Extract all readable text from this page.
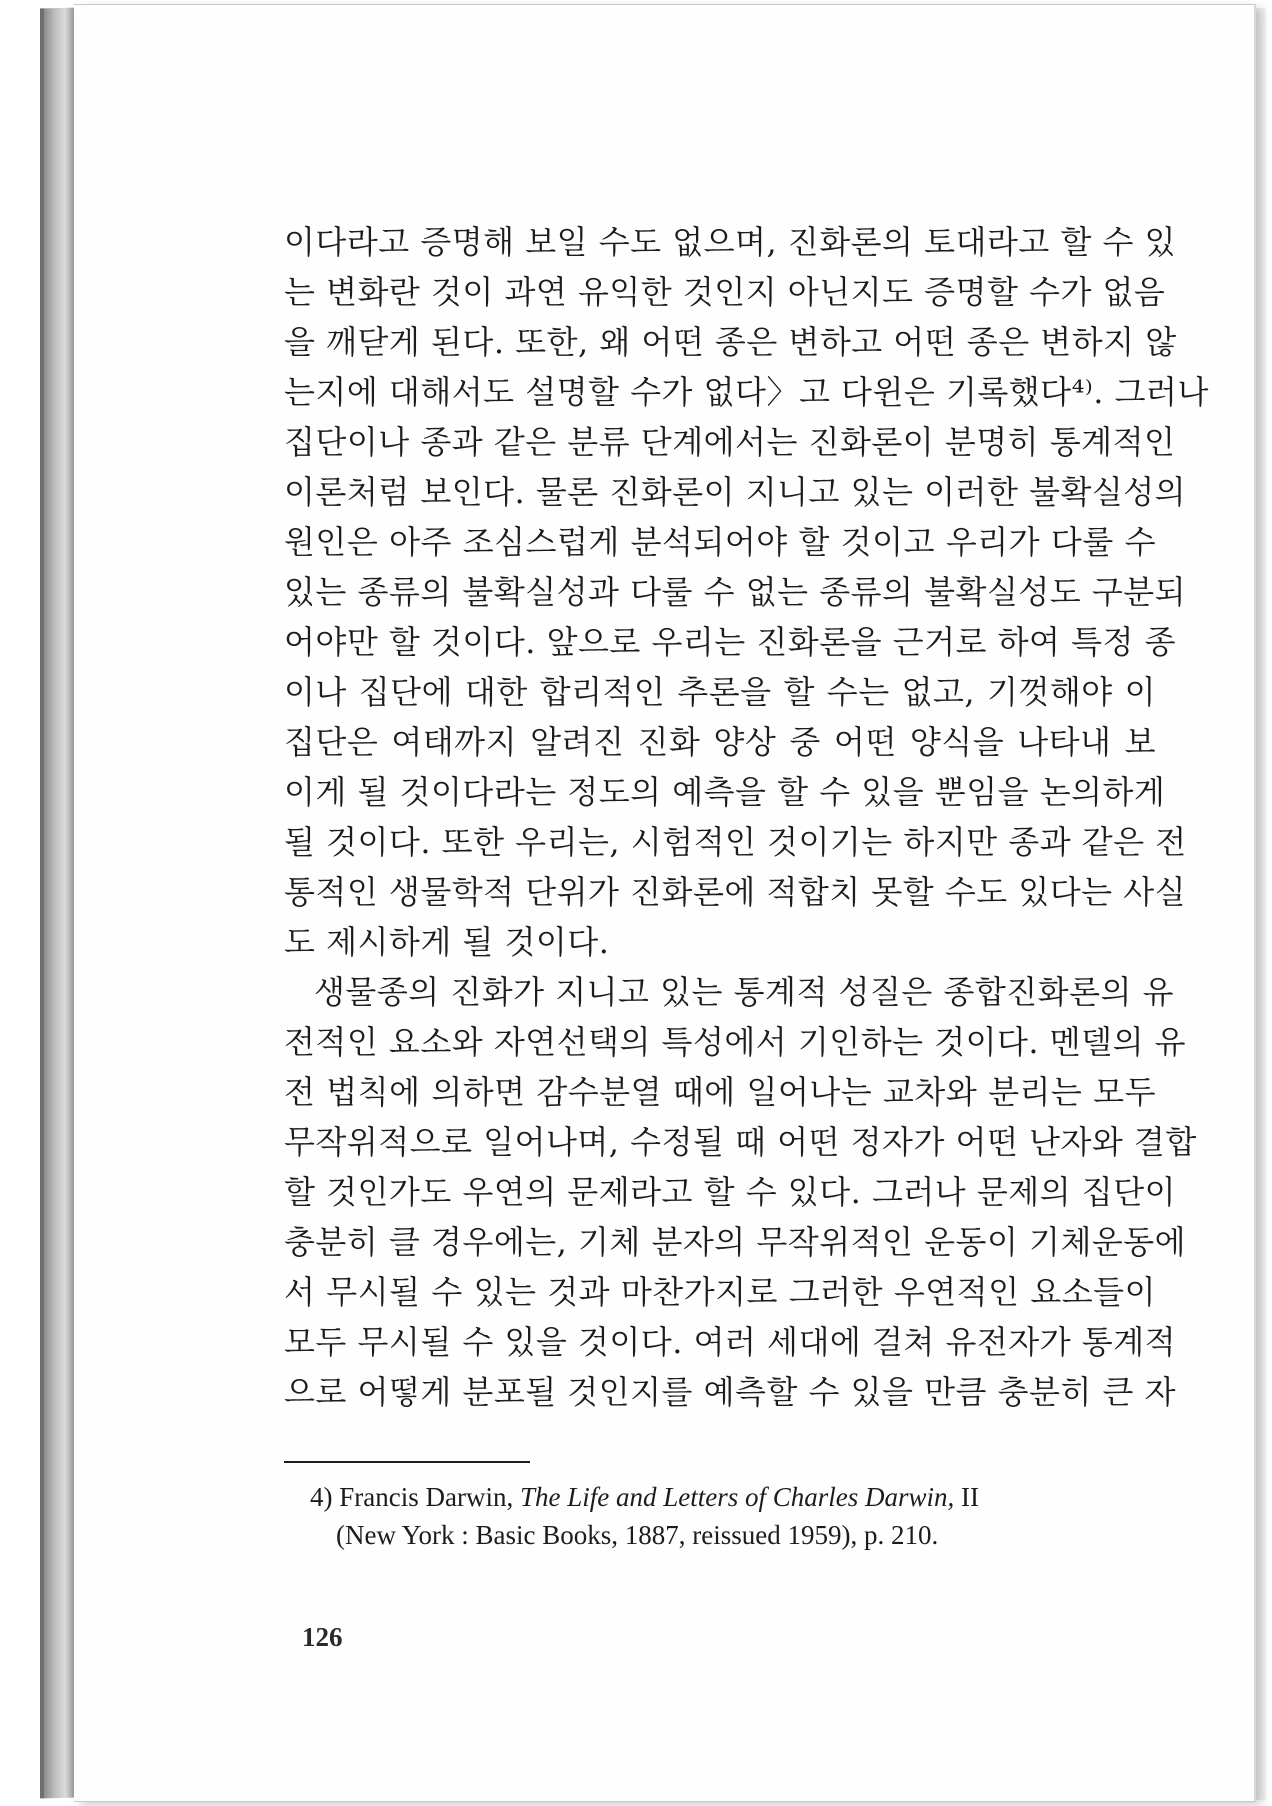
이다라고 증명해 보일 수도 없으며, 진화론의 토대라고 할 수 있
는 변화란 것이 과연 유익한 것인지 아닌지도 증명할 수가 없음
을 깨닫게 된다. 또한, 왜 어떤 종은 변하고 어떤 종은 변하지 않
는지에 대해서도 설명할 수가 없다〉고 다윈은 기록했다⁴⁾. 그러나
집단이나 종과 같은 분류 단계에서는 진화론이 분명히 통계적인
이론처럼 보인다. 물론 진화론이 지니고 있는 이러한 불확실성의
원인은 아주 조심스럽게 분석되어야 할 것이고 우리가 다룰 수
있는 종류의 불확실성과 다룰 수 없는 종류의 불확실성도 구분되
어야만 할 것이다. 앞으로 우리는 진화론을 근거로 하여 특정 종
이나 집단에 대한 합리적인 추론을 할 수는 없고, 기껏해야 이
집단은 여태까지 알려진 진화 양상 중 어떤 양식을 나타내 보
이게 될 것이다라는 정도의 예측을 할 수 있을 뿐임을 논의하게
될 것이다. 또한 우리는, 시험적인 것이기는 하지만 종과 같은 전
통적인 생물학적 단위가 진화론에 적합치 못할 수도 있다는 사실
도 제시하게 될 것이다.
생물종의 진화가 지니고 있는 통계적 성질은 종합진화론의 유
전적인 요소와 자연선택의 특성에서 기인하는 것이다. 멘델의 유
전 법칙에 의하면 감수분열 때에 일어나는 교차와 분리는 모두
무작위적으로 일어나며, 수정될 때 어떤 정자가 어떤 난자와 결합
할 것인가도 우연의 문제라고 할 수 있다. 그러나 문제의 집단이
충분히 클 경우에는, 기체 분자의 무작위적인 운동이 기체운동에
서 무시될 수 있는 것과 마찬가지로 그러한 우연적인 요소들이
모두 무시될 수 있을 것이다. 여러 세대에 걸쳐 유전자가 통계적
으로 어떻게 분포될 것인지를 예측할 수 있을 만큼 충분히 큰 자
4) Francis Darwin, The Life and Letters of Charles Darwin, II
(New York : Basic Books, 1887, reissued 1959), p. 210.
126
